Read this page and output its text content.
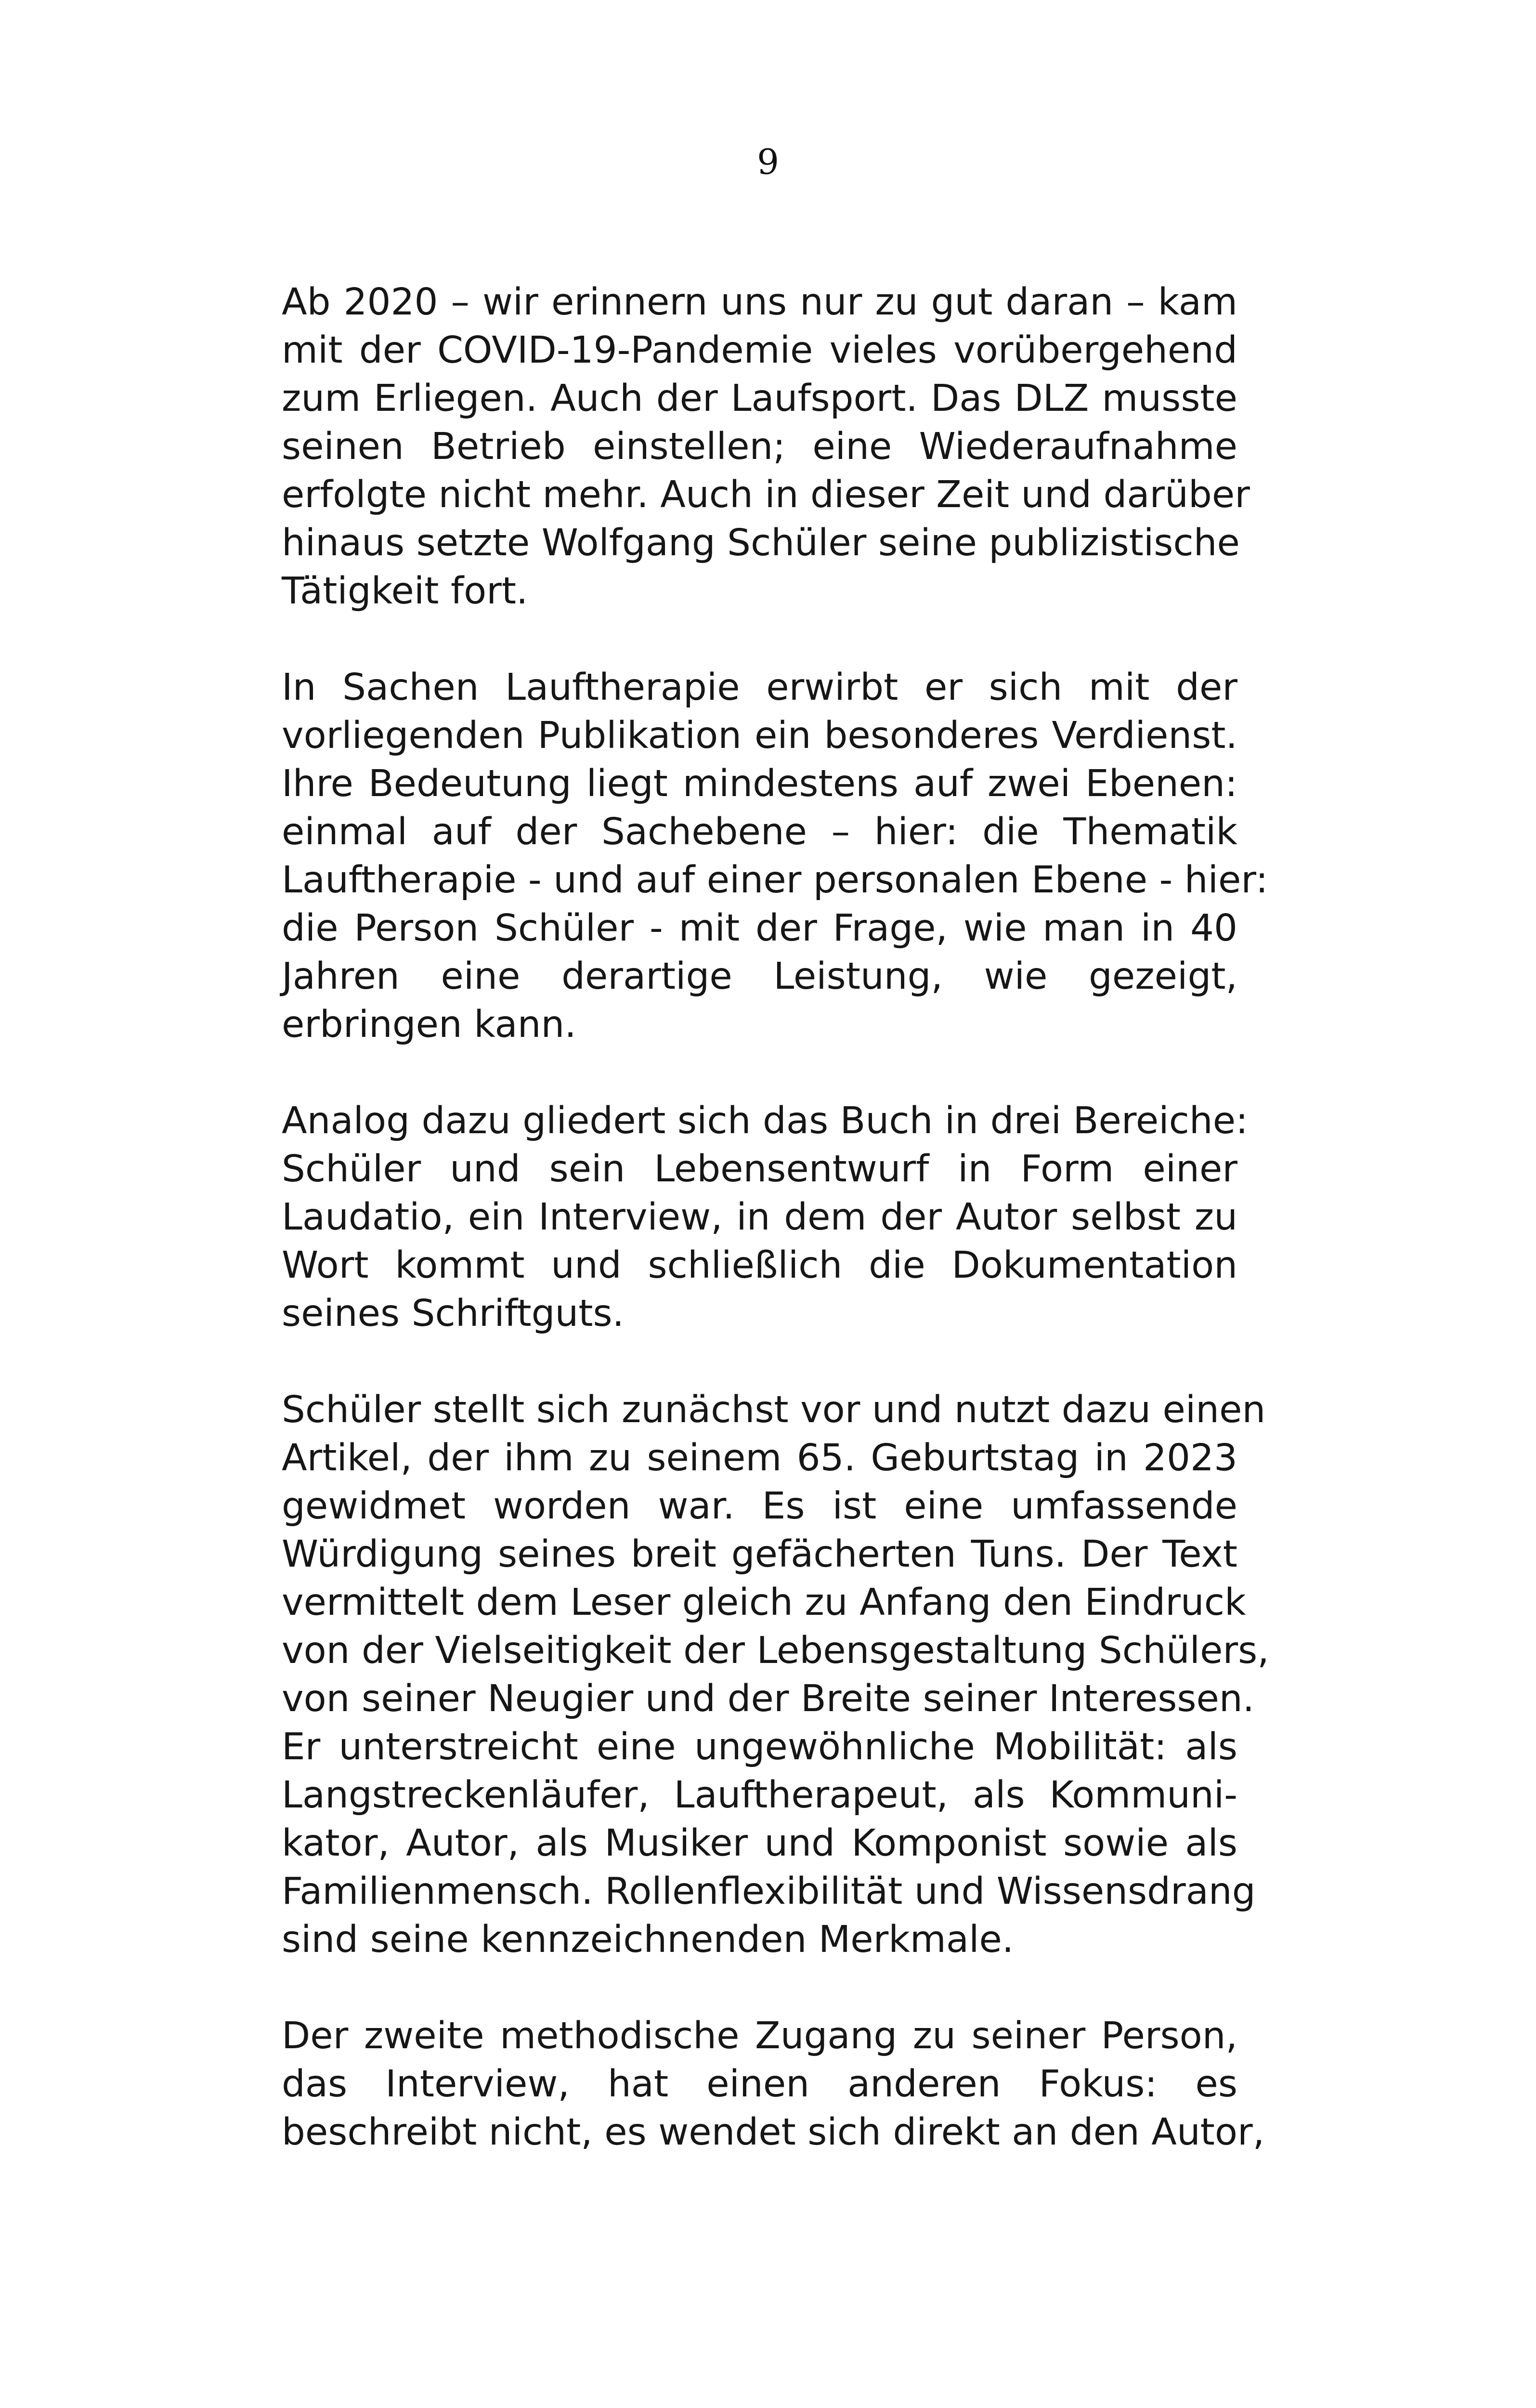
9

Ab 2020 – wir erinnern uns nur zu gut daran – kam
mit der COVID-19-Pandemie vieles vorübergehend
zum Erliegen. Auch der Laufsport. Das DLZ musste
seinen Betrieb einstellen; eine Wiederaufnahme
erfolgte nicht mehr. Auch in dieser Zeit und darüber
hinaus setzte Wolfgang Schüler seine publizistische
Tätigkeit fort.

In Sachen Lauftherapie erwirbt er sich mit der
vorliegenden Publikation ein besonderes Verdienst.
Ihre Bedeutung liegt mindestens auf zwei Ebenen:
einmal auf der Sachebene – hier: die Thematik
Lauftherapie - und auf einer personalen Ebene - hier:
die Person Schüler - mit der Frage, wie man in 40
Jahren eine derartige Leistung, wie gezeigt,
erbringen kann.

Analog dazu gliedert sich das Buch in drei Bereiche:
Schüler und sein Lebensentwurf in Form einer
Laudatio, ein Interview, in dem der Autor selbst zu
Wort kommt und schließlich die Dokumentation
seines Schriftguts.

Schüler stellt sich zunächst vor und nutzt dazu einen
Artikel, der ihm zu seinem 65. Geburtstag in 2023
gewidmet worden war. Es ist eine umfassende
Würdigung seines breit gefächerten Tuns. Der Text
vermittelt dem Leser gleich zu Anfang den Eindruck
von der Vielseitigkeit der Lebensgestaltung Schülers,
von seiner Neugier und der Breite seiner Interessen.
Er unterstreicht eine ungewöhnliche Mobilität: als
Langstreckenläufer, Lauftherapeut, als Kommuni-
kator, Autor, als Musiker und Komponist sowie als
Familienmensch. Rollenflexibilität und Wissensdrang
sind seine kennzeichnenden Merkmale.

Der zweite methodische Zugang zu seiner Person,
das Interview, hat einen anderen Fokus: es
beschreibt nicht, es wendet sich direkt an den Autor,
